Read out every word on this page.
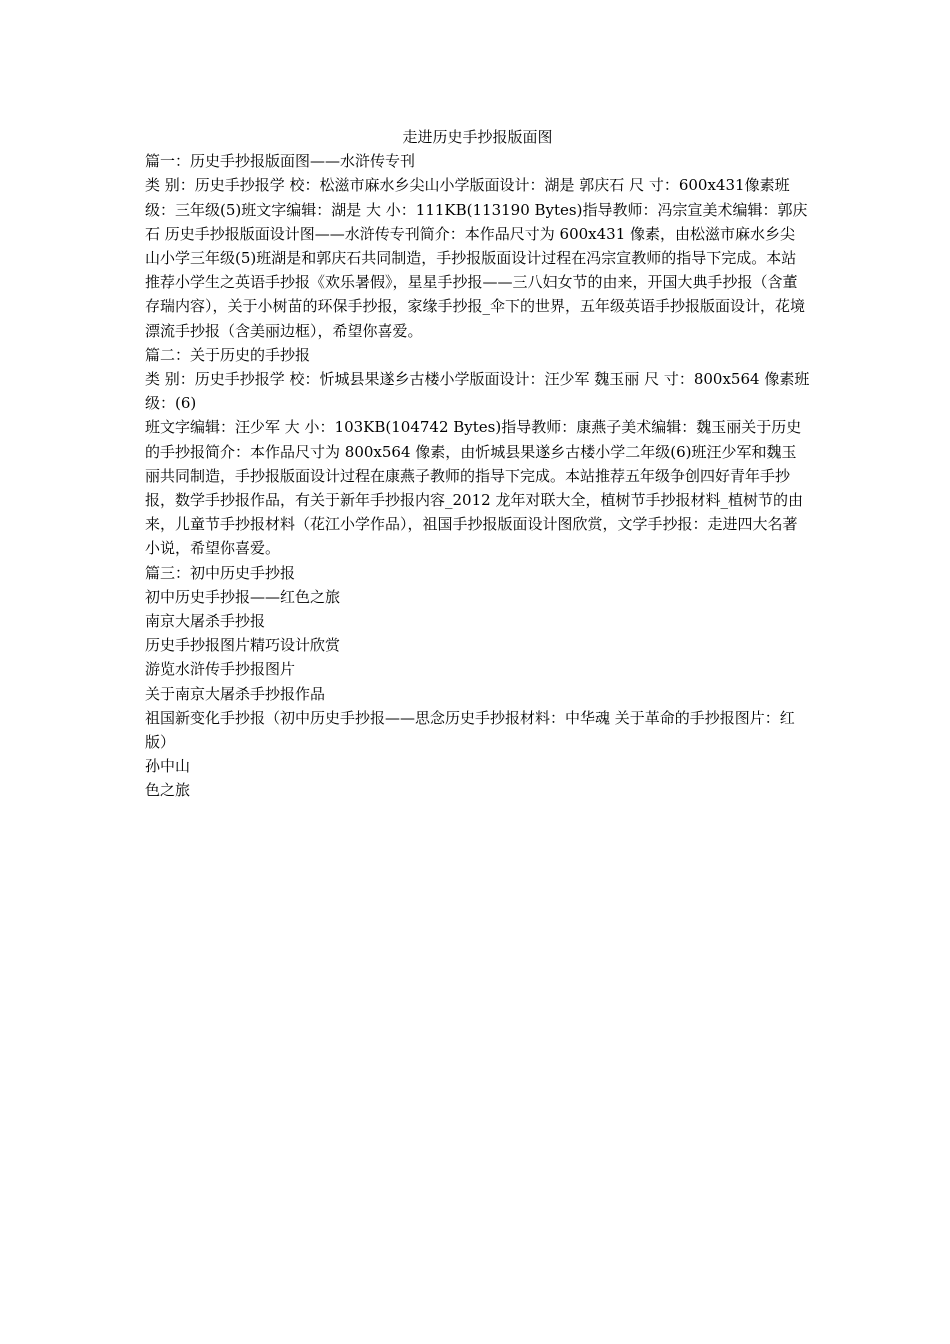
走进历史手抄报版面图

篇一：历史手抄报版面图——水浒传专刊

类 别：历史手抄报学 校：松滋市麻水乡尖山小学版面设计：湖是 郭庆石 尺 寸：600x431像素班 级：三年级(5)班文字编辑：湖是 大 小：111KB(113190 Bytes)指导教师：冯宗宣美术编辑：郭庆石 历史手抄报版面设计图——水浒传专刊简介：本作品尺寸为 600x431 像素，由松滋市麻水乡尖山小学三年级(5)班湖是和郭庆石共同制造，手抄报版面设计过程在冯宗宣教师的指导下完成。本站推荐小学生之英语手抄报《欢乐暑假》，星星手抄报——三八妇女节的由来，开国大典手抄报（含董存瑞内容），关于小树苗的环保手抄报，家缘手抄报_伞下的世界，五年级英语手抄报版面设计，花境漂流手抄报（含美丽边框），希望你喜爱。

篇二：关于历史的手抄报

类 别：历史手抄报学 校：忻城县果遂乡古楼小学版面设计：汪少军 魏玉丽 尺 寸：800x564 像素班 级：(6)

班文字编辑：汪少军 大 小：103KB(104742 Bytes)指导教师：康燕子美术编辑：魏玉丽关于历史的手抄报简介：本作品尺寸为 800x564 像素，由忻城县果遂乡古楼小学二年级(6)班汪少军和魏玉丽共同制造，手抄报版面设计过程在康燕子教师的指导下完成。本站推荐五年级争创四好青年手抄报，数学手抄报作品，有关于新年手抄报内容_2012 龙年对联大全，植树节手抄报材料_植树节的由来，儿童节手抄报材料（花江小学作品），祖国手抄报版面设计图欣赏，文学手抄报：走进四大名著小说，希望你喜爱。

篇三：初中历史手抄报

初中历史手抄报——红色之旅

南京大屠杀手抄报

历史手抄报图片精巧设计欣赏

游览水浒传手抄报图片

关于南京大屠杀手抄报作品

祖国新变化手抄报（初中历史手抄报——思念历史手抄报材料：中华魂 关于革命的手抄报图片：红版）

孙中山

色之旅
